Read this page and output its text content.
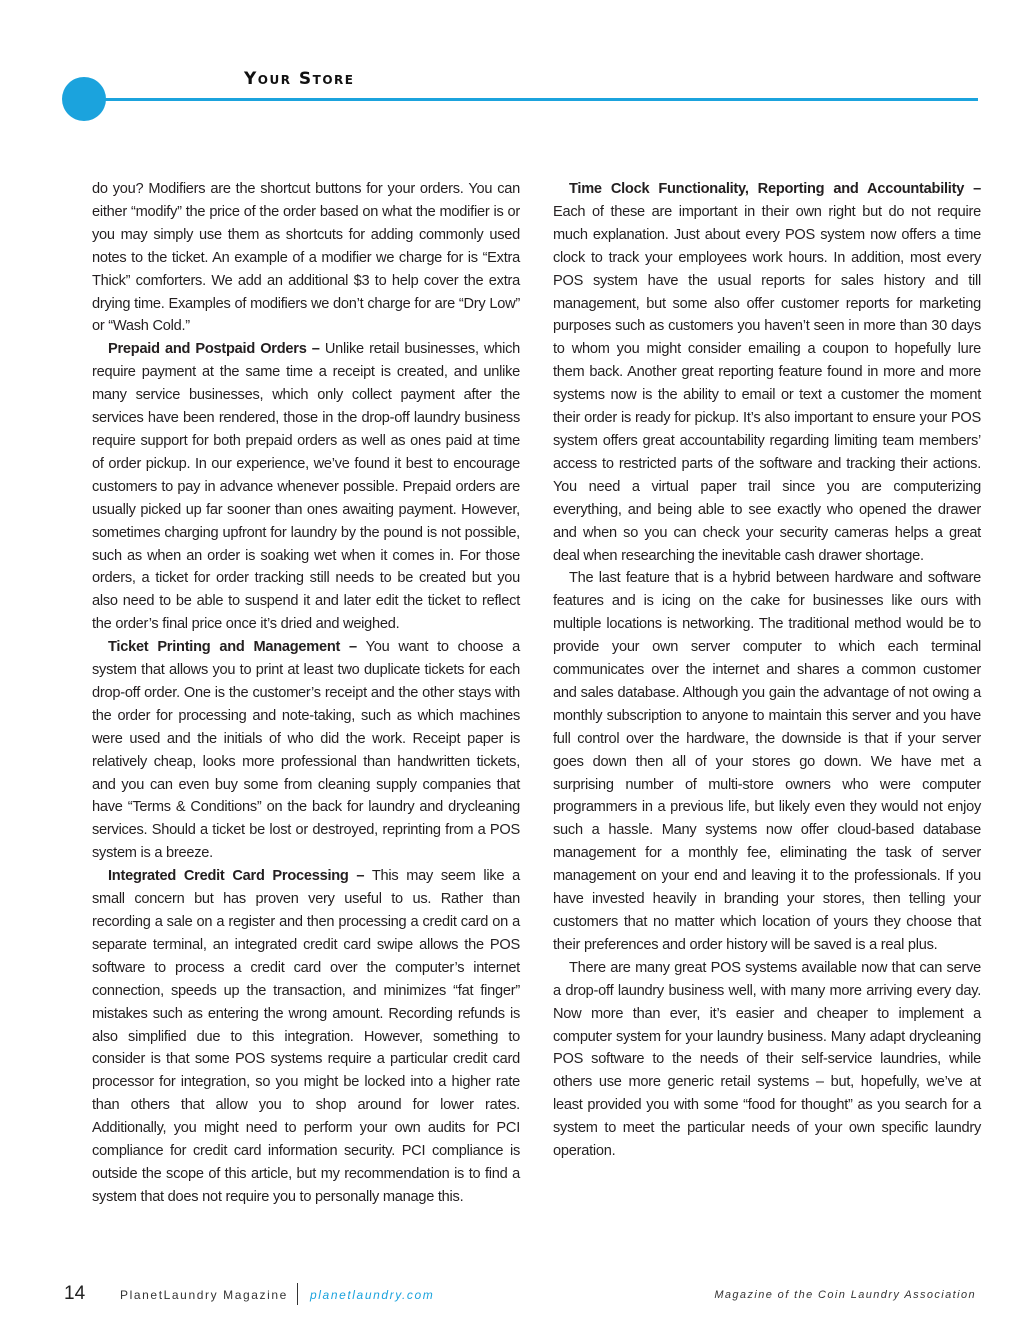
Your Store

do you? Modifiers are the shortcut buttons for your orders. You can either “modify” the price of the order based on what the modifier is or you may simply use them as shortcuts for adding commonly used notes to the ticket. An example of a modifier we charge for is “Extra Thick” comforters. We add an additional $3 to help cover the extra drying time. Examples of modifiers we don’t charge for are “Dry Low” or “Wash Cold.”

Prepaid and Postpaid Orders – Unlike retail businesses, which require payment at the same time a receipt is created, and unlike many service businesses, which only collect payment after the services have been rendered, those in the drop-off laundry business require support for both prepaid orders as well as ones paid at time of order pickup. In our experience, we’ve found it best to encourage customers to pay in advance whenever possible. Prepaid orders are usually picked up far sooner than ones awaiting payment. However, sometimes charging upfront for laundry by the pound is not possible, such as when an order is soaking wet when it comes in. For those orders, a ticket for order tracking still needs to be created but you also need to be able to suspend it and later edit the ticket to reflect the order’s final price once it’s dried and weighed.

Ticket Printing and Management – You want to choose a system that allows you to print at least two duplicate tickets for each drop-off order. One is the customer’s receipt and the other stays with the order for processing and note-taking, such as which machines were used and the initials of who did the work. Receipt paper is relatively cheap, looks more professional than handwritten tickets, and you can even buy some from cleaning supply companies that have “Terms & Conditions” on the back for laundry and drycleaning services. Should a ticket be lost or destroyed, reprinting from a POS system is a breeze.

Integrated Credit Card Processing – This may seem like a small concern but has proven very useful to us. Rather than recording a sale on a register and then processing a credit card on a separate terminal, an integrated credit card swipe allows the POS software to process a credit card over the computer’s internet connection, speeds up the transaction, and minimizes “fat finger” mistakes such as entering the wrong amount. Recording refunds is also simplified due to this integration. However, something to consider is that some POS systems require a particular credit card processor for integration, so you might be locked into a higher rate than others that allow you to shop around for lower rates. Additionally, you might need to perform your own audits for PCI compliance for credit card information security. PCI compliance is outside the scope of this article, but my recommendation is to find a system that does not require you to personally manage this.

Time Clock Functionality, Reporting and Accountability – Each of these are important in their own right but do not require much explanation. Just about every POS system now offers a time clock to track your employees work hours. In addition, most every POS system have the usual reports for sales history and till management, but some also offer customer reports for marketing purposes such as customers you haven’t seen in more than 30 days to whom you might consider emailing a coupon to hopefully lure them back. Another great reporting feature found in more and more systems now is the ability to email or text a customer the moment their order is ready for pickup. It’s also important to ensure your POS system offers great accountability regarding limiting team members’ access to restricted parts of the software and tracking their actions. You need a virtual paper trail since you are computerizing everything, and being able to see exactly who opened the drawer and when so you can check your security cameras helps a great deal when researching the inevitable cash drawer shortage.

The last feature that is a hybrid between hardware and software features and is icing on the cake for businesses like ours with multiple locations is networking. The traditional method would be to provide your own server computer to which each terminal communicates over the internet and shares a common customer and sales database. Although you gain the advantage of not owing a monthly subscription to anyone to maintain this server and you have full control over the hardware, the downside is that if your server goes down then all of your stores go down. We have met a surprising number of multi-store owners who were computer programmers in a previous life, but likely even they would not enjoy such a hassle. Many systems now offer cloud-based database management for a monthly fee, eliminating the task of server management on your end and leaving it to the professionals. If you have invested heavily in branding your stores, then telling your customers that no matter which location of yours they choose that their preferences and order history will be saved is a real plus.

There are many great POS systems available now that can serve a drop-off laundry business well, with many more arriving every day. Now more than ever, it’s easier and cheaper to implement a computer system for your laundry business. Many adapt drycleaning POS software to the needs of their self-service laundries, while others use more generic retail systems – but, hopefully, we’ve at least provided you with some “food for thought” as you search for a system to meet the particular needs of your own specific laundry operation.

14	PlanetLaundry Magazine planetlaundry.com	Magazine of the Coin Laundry Association
